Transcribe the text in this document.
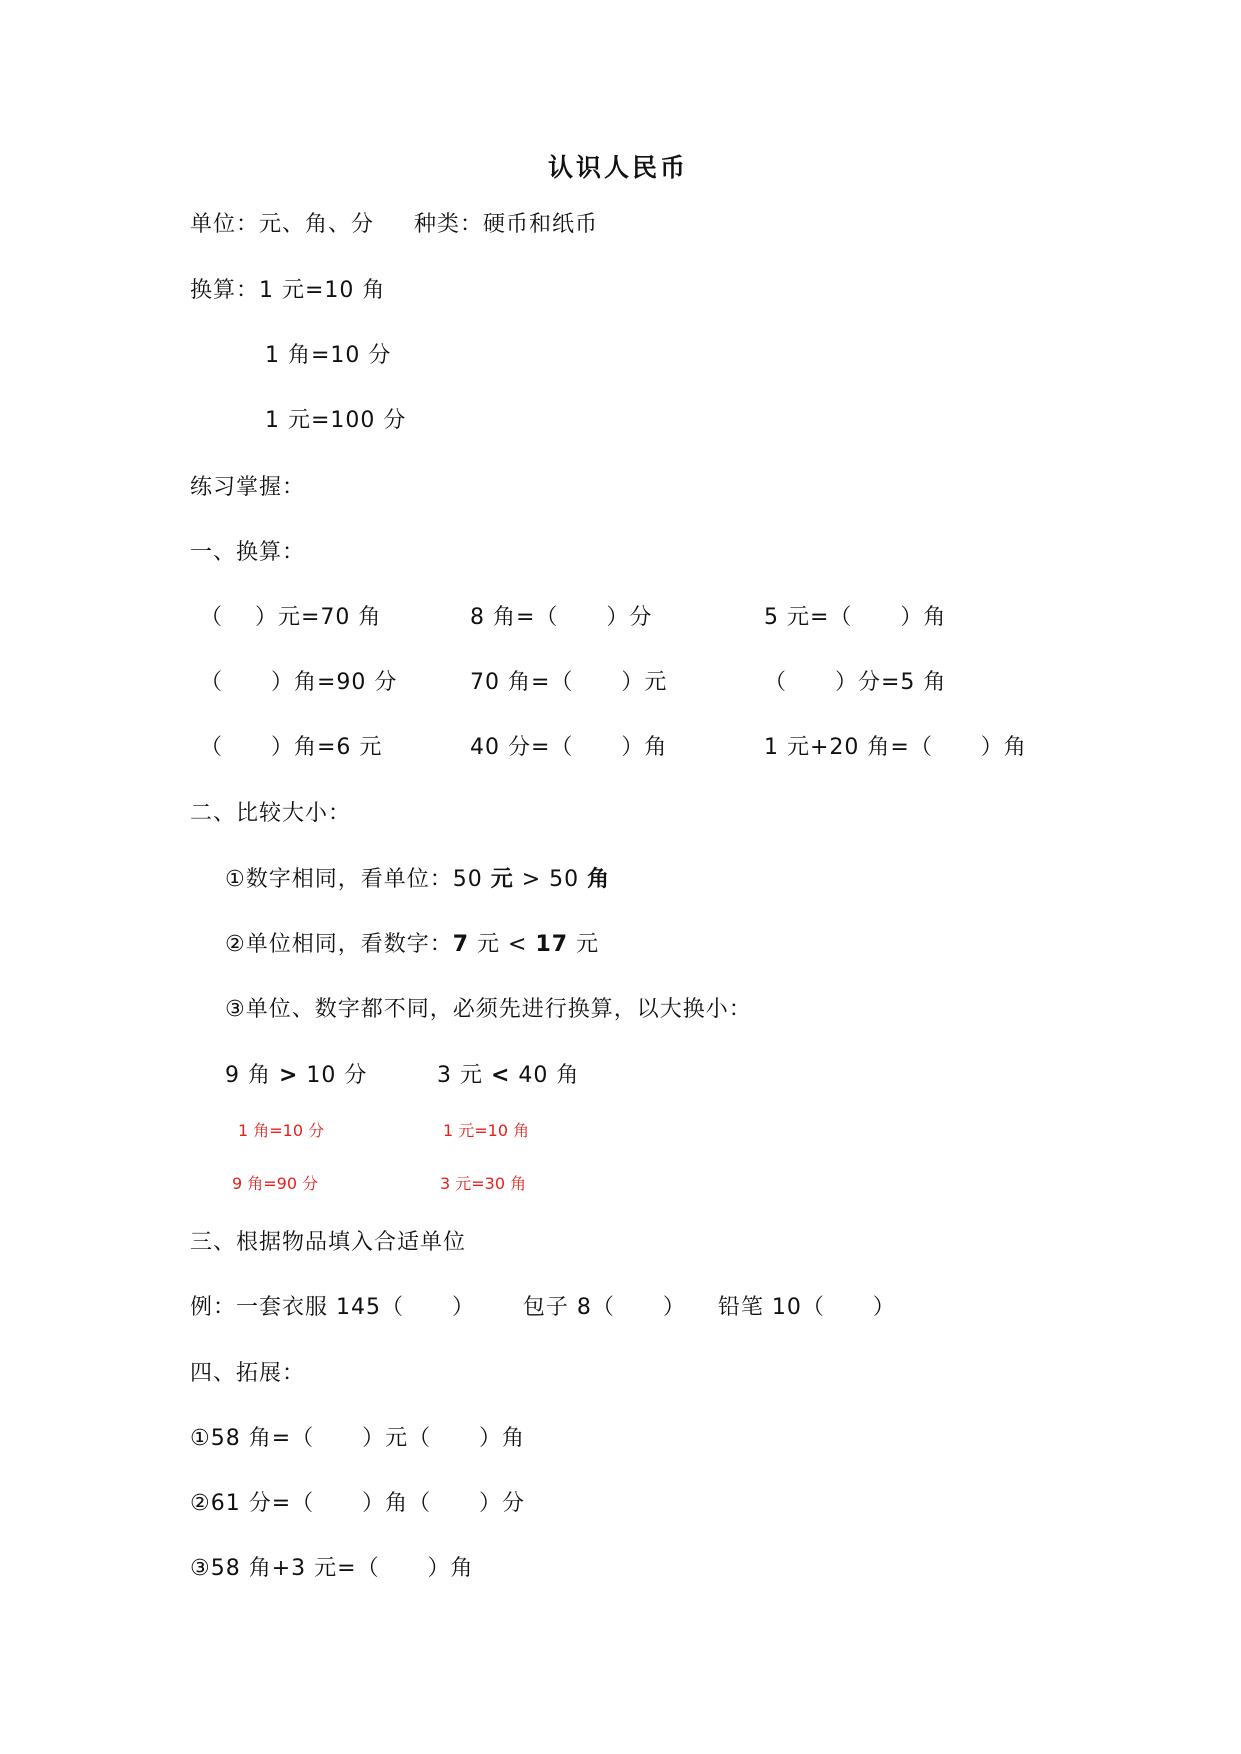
认识人民币
单位：元、角、分     种类：硬币和纸币
换算：1 元=10 角
1 角=10 分
1 元=100 分
练习掌握：
一、换算：
（    ）元=70 角	8 角=（      ）分	5 元=（      ）角
（      ）角=90 分	70 角=（      ）元	（      ）分=5 角
（      ）角=6 元	40 分=（      ）角	1 元+20 角=（      ）角
二、比较大小：
①数字相同，看单位：50 元 > 50 角
②单位相同，看数字：7 元 < 17 元
③单位、数字都不同，必须先进行换算，以大换小：
9 角 > 10 分	3 元 < 40 角
1 角=10 分	1 元=10 角
9 角=90 分	3 元=30 角
三、根据物品填入合适单位
例：一套衣服 145（      ）      包子 8（      ）    铅笔 10（      ）
四、拓展：
①58 角=（      ）元（      ）角
②61 分=（      ）角（      ）分
③58 角+3 元=（      ）角
